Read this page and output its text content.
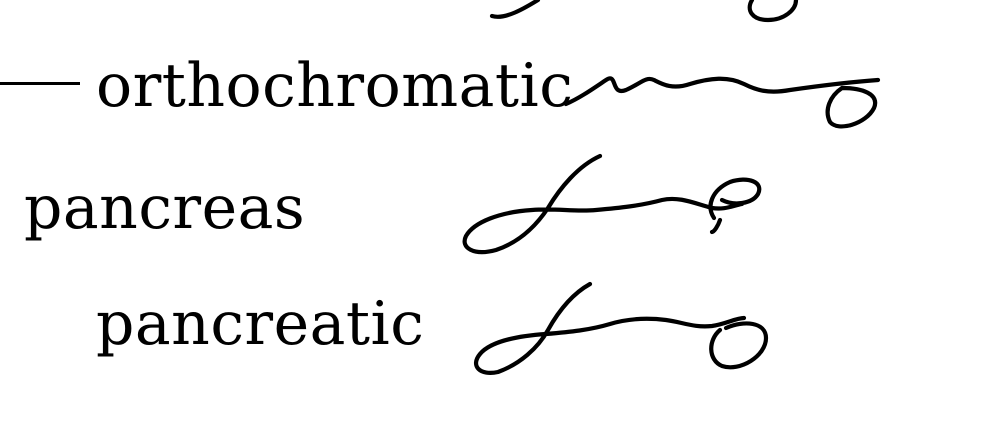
orthochromatic
pancreas
pancreatic
